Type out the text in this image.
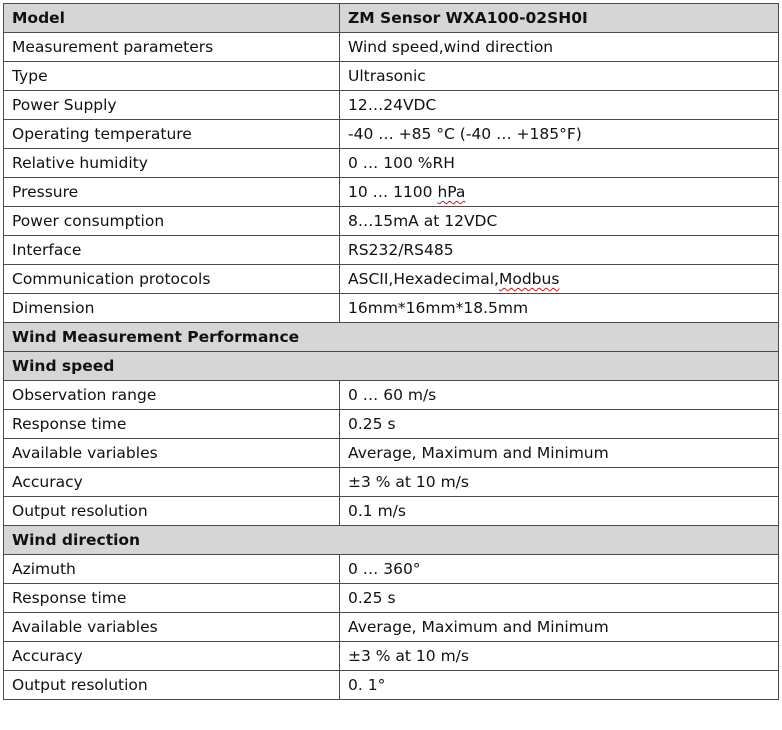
Model	ZM Sensor WXA100-02SH0I
Measurement parameters	Wind speed,wind direction
Type	Ultrasonic
Power Supply	12…24VDC
Operating temperature	-40 … +85 °C (-40 … +185°F)
Relative humidity	0 … 100 %RH
Pressure	10 … 1100 hPa
Power consumption	8…15mA at 12VDC
Interface	RS232/RS485
Communication protocols	ASCII,Hexadecimal,Modbus
Dimension	16mm*16mm*18.5mm
Wind Measurement Performance	
Wind speed	
Observation range	0 … 60 m/s
Response time	0.25 s
Available variables	Average, Maximum and Minimum
Accuracy	±3 % at 10 m/s
Output resolution	0.1 m/s
Wind direction	
Azimuth	0 … 360°
Response time	0.25 s
Available variables	Average, Maximum and Minimum
Accuracy	±3 % at 10 m/s
Output resolution	0. 1°
